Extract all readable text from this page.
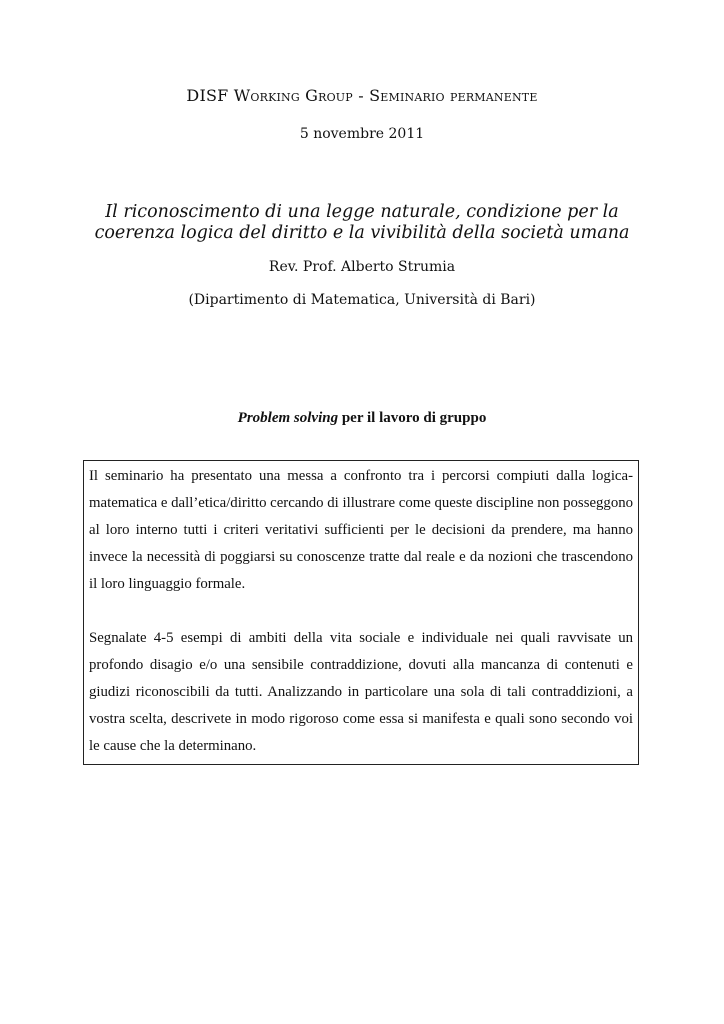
DISF Working Group - Seminario permanente
5 novembre 2011
Il riconoscimento di una legge naturale, condizione per la coerenza logica del diritto e la vivibilità della società umana
Rev. Prof. Alberto Strumia
(Dipartimento di Matematica, Università di Bari)
Problem solving per il lavoro di gruppo

Il seminario ha presentato una messa a confronto tra i percorsi compiuti dalla logica-matematica e dall’etica/diritto cercando di illustrare come queste discipline non posseggono al loro interno tutti i criteri veritativi sufficienti per le decisioni da prendere, ma hanno invece la necessità di poggiarsi su conoscenze tratte dal reale e da nozioni che trascendono il loro linguaggio formale.

Segnalate 4-5 esempi di ambiti della vita sociale e individuale nei quali ravvisate un profondo disagio e/o una sensibile contraddizione, dovuti alla mancanza di contenuti e giudizi riconoscibili da tutti. Analizzando in particolare una sola di tali contraddizioni, a vostra scelta, descrivete in modo rigoroso come essa si manifesta e quali sono secondo voi le cause che la determinano.
